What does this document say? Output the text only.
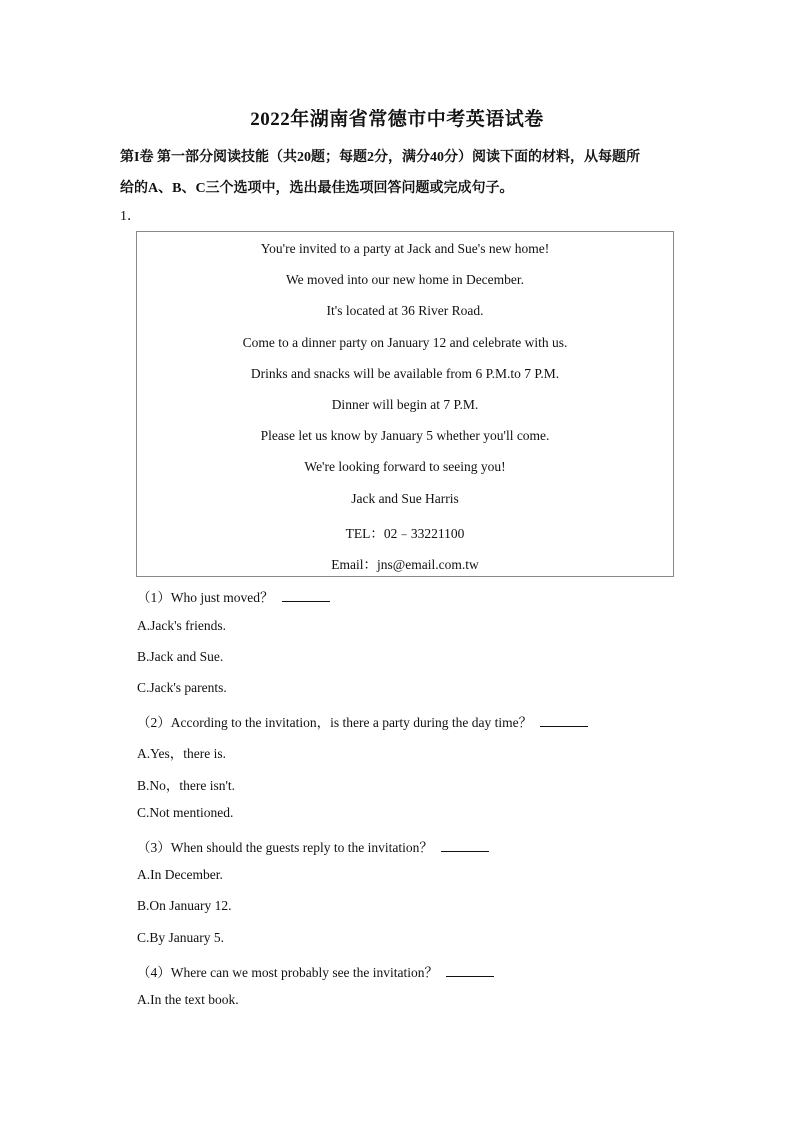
2022年湖南省常德市中考英语试卷
第I卷 第一部分阅读技能（共20题；每题2分，满分40分）阅读下面的材料，从每题所
给的A、B、C三个选项中，选出最佳选项回答问题或完成句子。
1．
You're invited to a party at Jack and Sue's new home!
We moved into our new home in December.
It's located at 36 River Road.
Come to a dinner party on January 12 and celebrate with us.
Drinks and snacks will be available from 6 P.M.to 7 P.M.
Dinner will begin at 7 P.M.
Please let us know by January 5 whether you'll come.
We're looking forward to seeing you!
Jack and Sue Harris
TEL：02﹣33221100
Email：jns@email.com.tw
（1）Who just moved？
A.Jack's friends.
B.Jack and Sue.
C.Jack's parents.
（2）According to the invitation，is there a party during the day time？
A.Yes，there is.
B.No，there isn't.
C.Not mentioned.
（3）When should the guests reply to the invitation？
A.In December.
B.On January 12.
C.By January 5.
（4）Where can we most probably see the invitation？
A.In the text book.
